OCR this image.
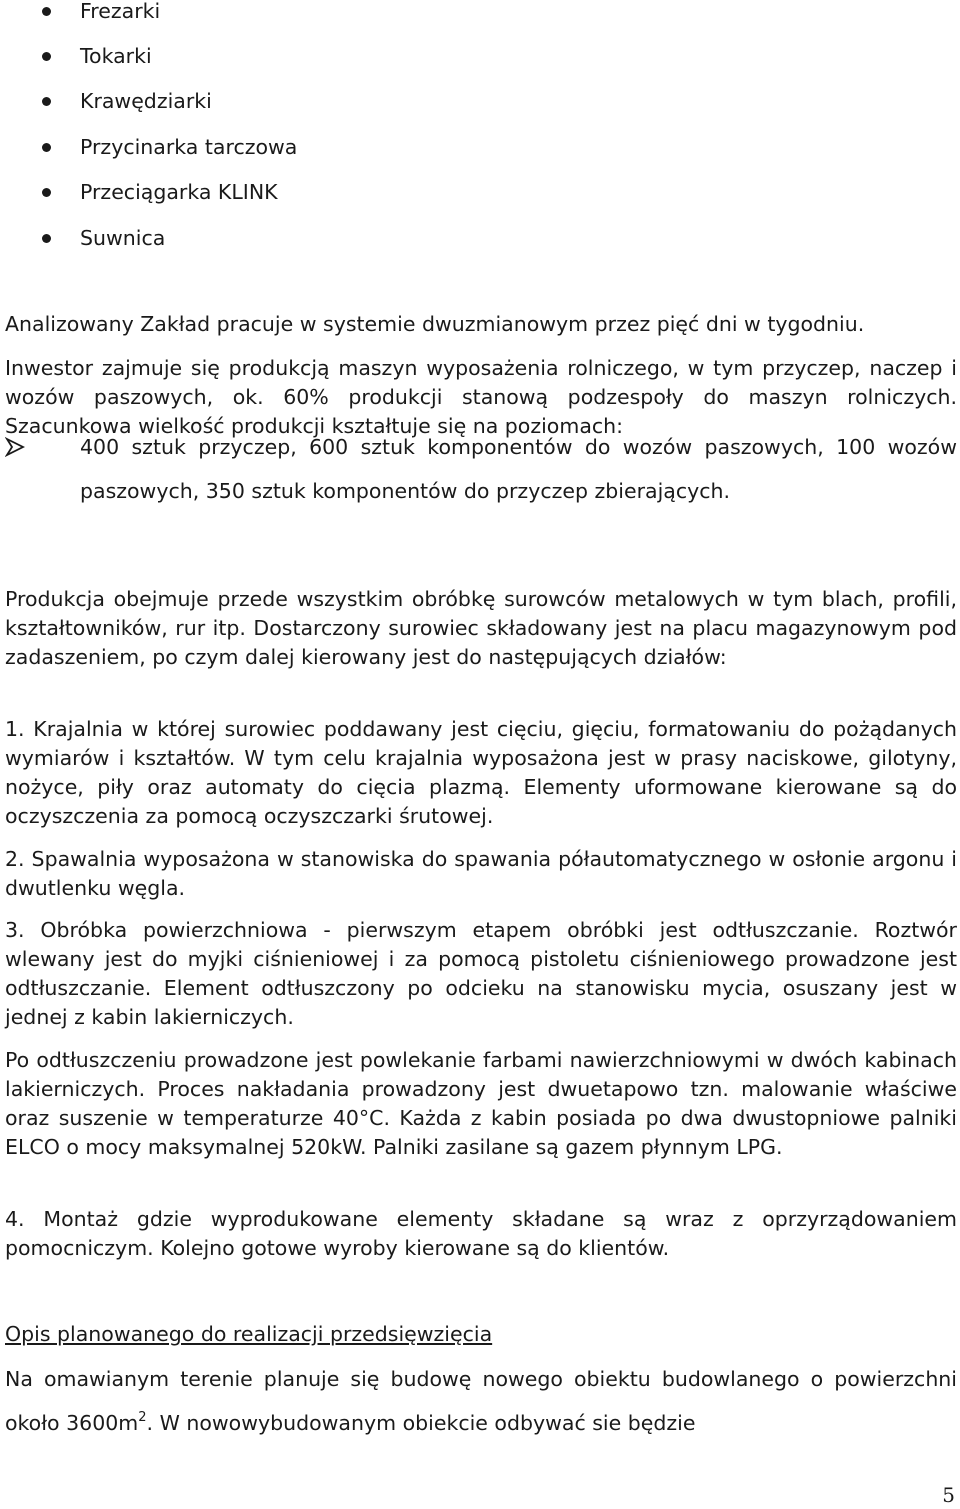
Frezarki
Tokarki
Krawędziarki
Przycinarka tarczowa
Przeciągarka KLINK
Suwnica

Analizowany Zakład pracuje w systemie dwuzmianowym przez pięć dni w tygodniu.

Inwestor zajmuje się produkcją maszyn wyposażenia rolniczego, w tym przyczep, naczep i wozów paszowych, ok. 60% produkcji stanową podzespoły do maszyn rolniczych. Szacunkowa wielkość produkcji kształtuje się na poziomach:

400 sztuk przyczep, 600 sztuk komponentów do wozów paszowych, 100 wozów paszowych, 350 sztuk komponentów do przyczep zbierających.

Produkcja obejmuje przede wszystkim obróbkę surowców metalowych w tym blach, profili, kształtowników, rur itp. Dostarczony surowiec składowany jest na placu magazynowym pod zadaszeniem, po czym dalej kierowany jest do następujących działów:

1. Krajalnia w której surowiec poddawany jest cięciu, gięciu, formatowaniu do pożądanych wymiarów i kształtów. W tym celu krajalnia wyposażona jest w prasy naciskowe, gilotyny, nożyce, piły oraz automaty do cięcia plazmą. Elementy uformowane kierowane są do oczyszczenia za pomocą oczyszczarki śrutowej.

2. Spawalnia wyposażona w stanowiska do spawania półautomatycznego w osłonie argonu i dwutlenku węgla.

3. Obróbka powierzchniowa - pierwszym etapem obróbki jest odtłuszczanie. Roztwór wlewany jest do myjki ciśnieniowej i za pomocą pistoletu ciśnieniowego prowadzone jest odtłuszczanie. Element odtłuszczony po odcieku na stanowisku mycia, osuszany jest w jednej z kabin lakierniczych.

Po odtłuszczeniu prowadzone jest powlekanie farbami nawierzchniowymi w dwóch kabinach lakierniczych. Proces nakładania prowadzony jest dwuetapowo tzn. malowanie właściwe oraz suszenie w temperaturze 40°C. Każda z kabin posiada po dwa dwustopniowe palniki ELCO o mocy maksymalnej 520kW. Palniki zasilane są gazem płynnym LPG.

4. Montaż gdzie wyprodukowane elementy składane są wraz z oprzyrządowaniem pomocniczym. Kolejno gotowe wyroby kierowane są do klientów.

Opis planowanego do realizacji przedsięwzięcia

Na omawianym terenie planuje się budowę nowego obiektu budowlanego o powierzchni około $3600m^2$. W nowowybudowanym obiekcie odbywać sie będzie

5
